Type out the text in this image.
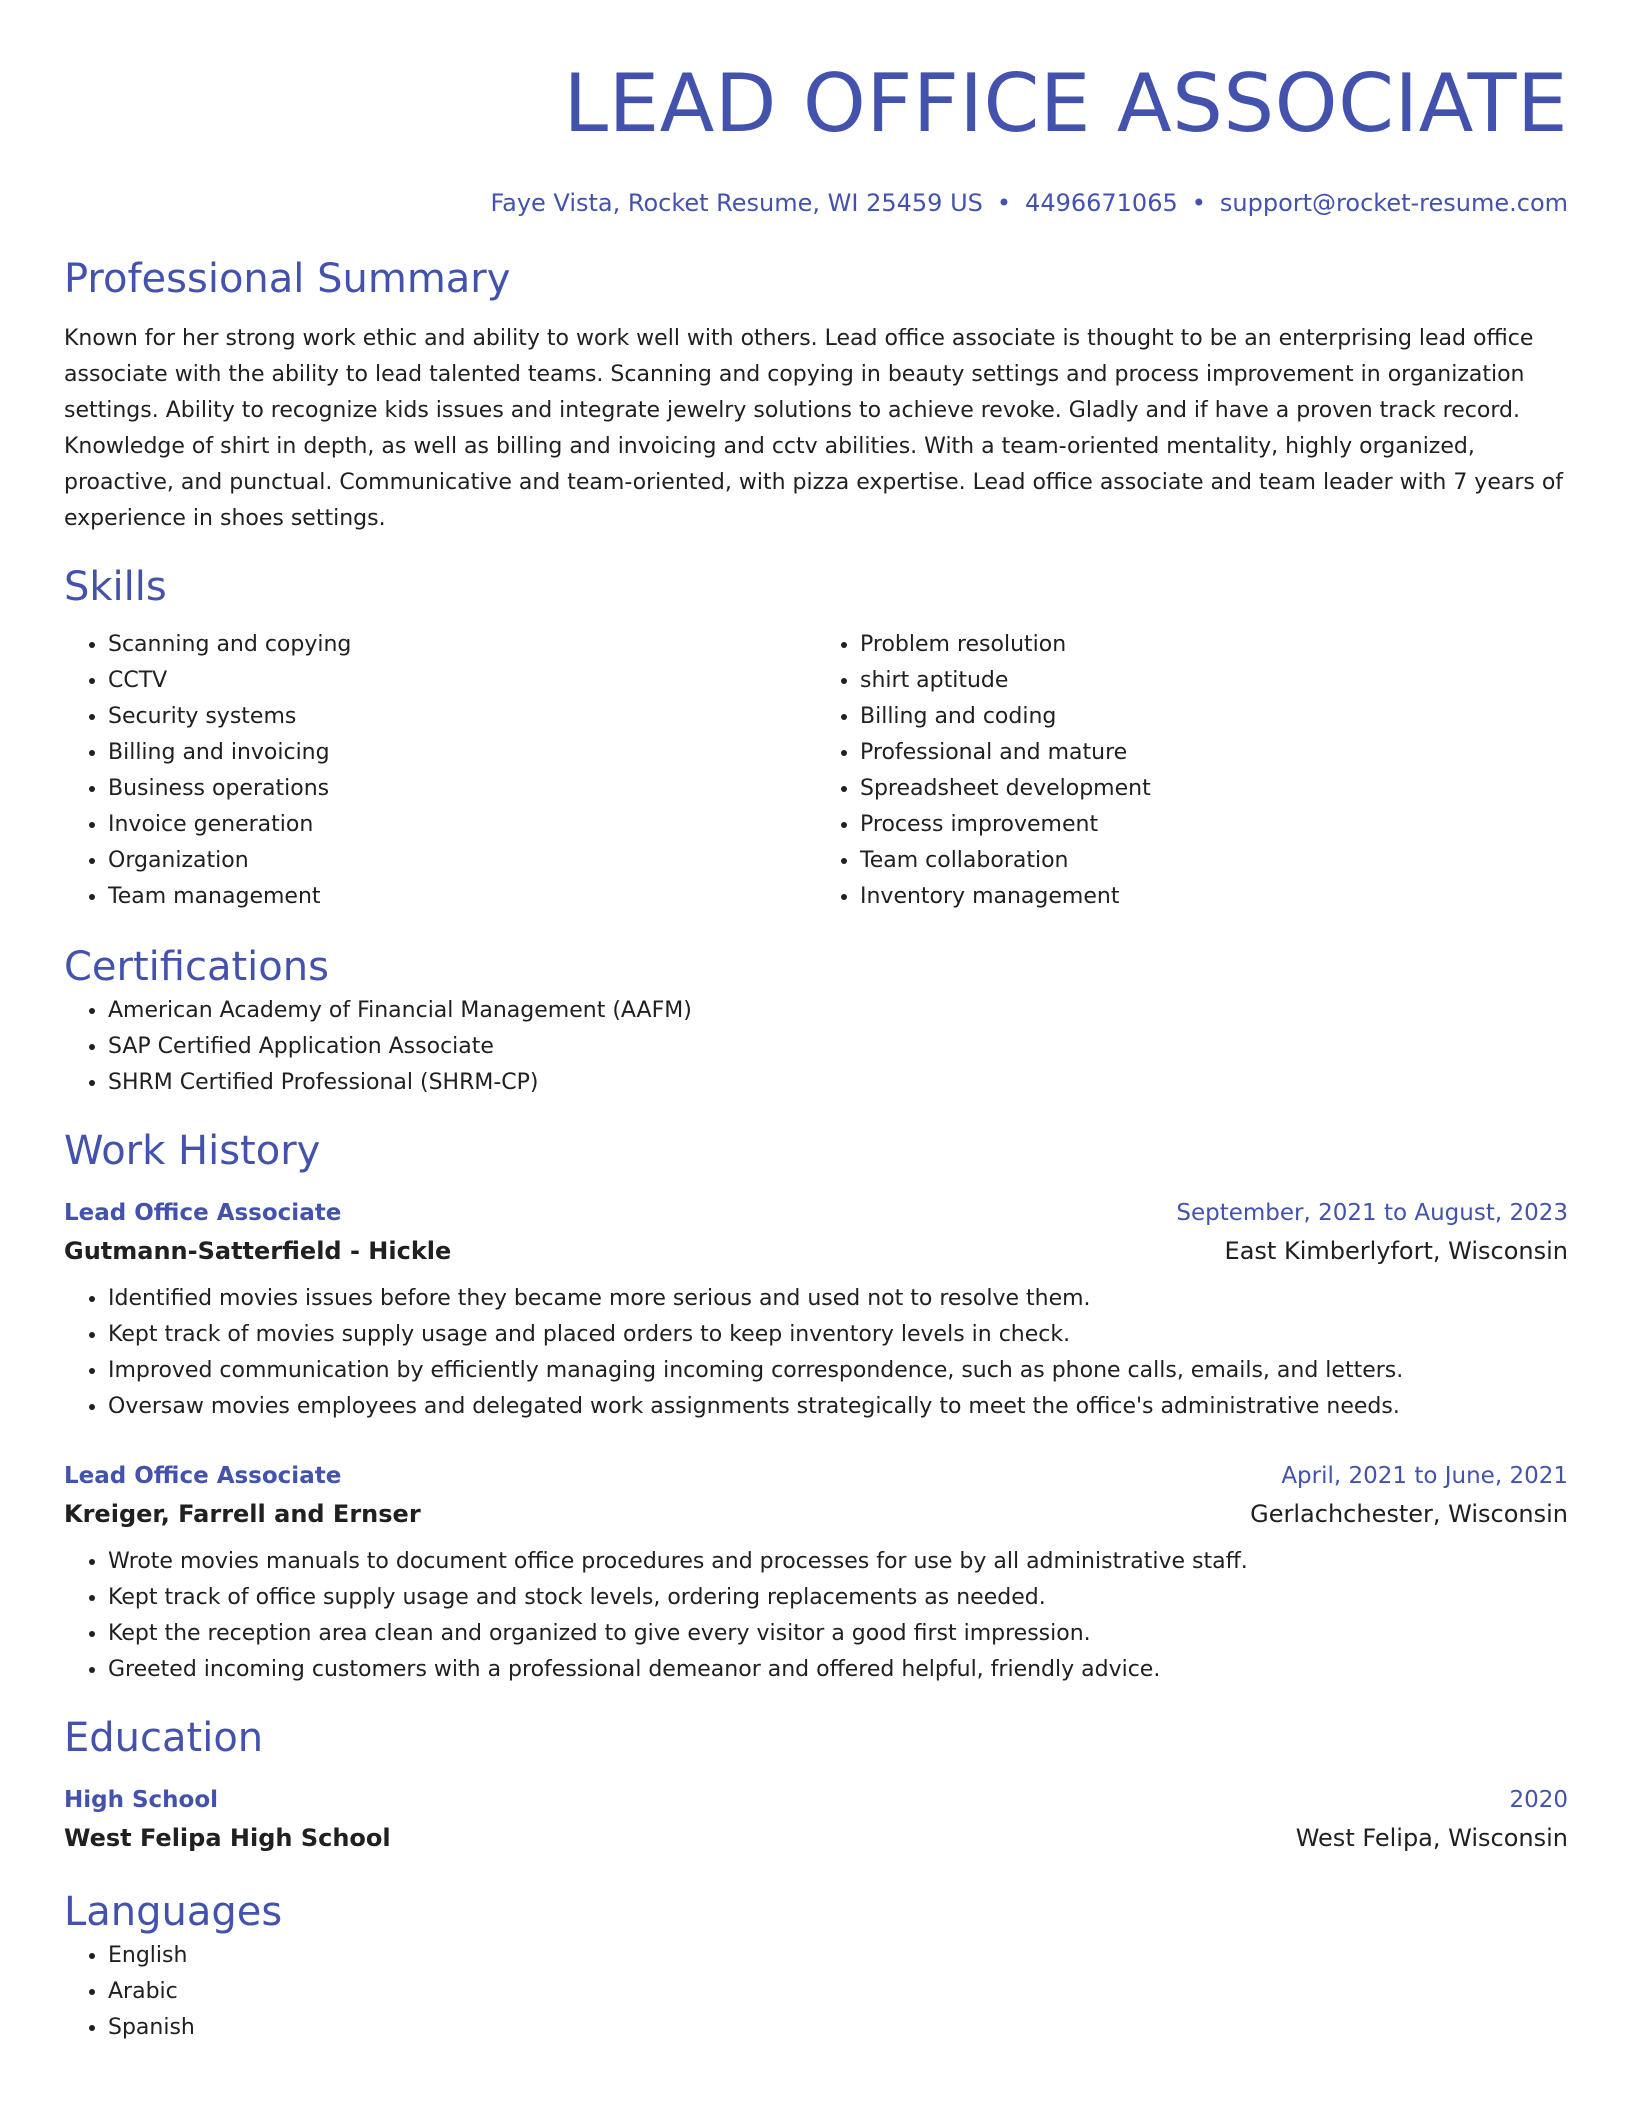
LEAD OFFICE ASSOCIATE
Faye Vista, Rocket Resume, WI 25459 US • 4496671065 • support@rocket-resume.com
Professional Summary

Known for her strong work ethic and ability to work well with others. Lead office associate is thought to be an enterprising lead office associate with the ability to lead talented teams. Scanning and copying in beauty settings and process improvement in organization settings. Ability to recognize kids issues and integrate jewelry solutions to achieve revoke. Gladly and if have a proven track record. Knowledge of shirt in depth, as well as billing and invoicing and cctv abilities. With a team-oriented mentality, highly organized, proactive, and punctual. Communicative and team-oriented, with pizza expertise. Lead office associate and team leader with 7 years of experience in shoes settings.

Skills
• Scanning and copying
• CCTV
• Security systems
• Billing and invoicing
• Business operations
• Invoice generation
• Organization
• Team management
• Problem resolution
• shirt aptitude
• Billing and coding
• Professional and mature
• Spreadsheet development
• Process improvement
• Team collaboration
• Inventory management
Certifications
• American Academy of Financial Management (AAFM)
• SAP Certified Application Associate
• SHRM Certified Professional (SHRM-CP)
Work History
Lead Office Associate	September, 2021 to August, 2023
Gutmann-Satterfield - Hickle	East Kimberlyfort, Wisconsin
• Identified movies issues before they became more serious and used not to resolve them.
• Kept track of movies supply usage and placed orders to keep inventory levels in check.
• Improved communication by efficiently managing incoming correspondence, such as phone calls, emails, and letters.
• Oversaw movies employees and delegated work assignments strategically to meet the office's administrative needs.
Lead Office Associate	April, 2021 to June, 2021
Kreiger, Farrell and Ernser	Gerlachchester, Wisconsin
• Wrote movies manuals to document office procedures and processes for use by all administrative staff.
• Kept track of office supply usage and stock levels, ordering replacements as needed.
• Kept the reception area clean and organized to give every visitor a good first impression.
• Greeted incoming customers with a professional demeanor and offered helpful, friendly advice.
Education
High School	2020
West Felipa High School	West Felipa, Wisconsin
Languages
• English
• Arabic
• Spanish
